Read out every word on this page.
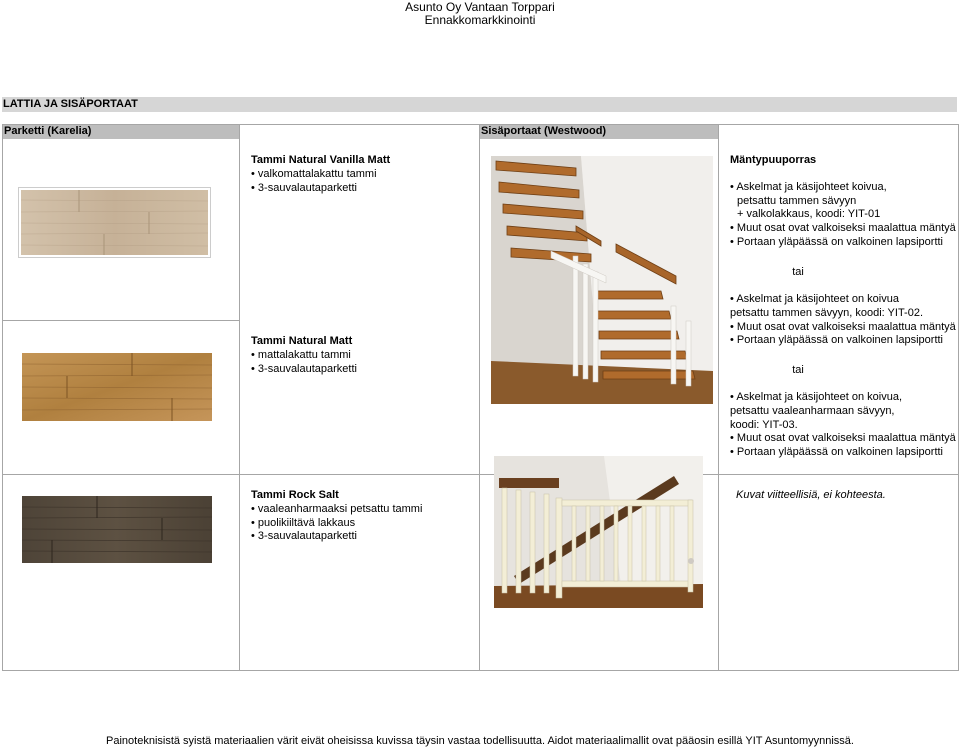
Asunto Oy Vantaan Torppari
Ennakkomarkkinointi
LATTIA JA SISÄPORTAAT
Parketti (Karelia)	Sisäportaat (Westwood)
Tammi Natural Vanilla Matt
• valkomattalakattu tammi
• 3-sauvalautaparketti
Tammi Natural Matt
• mattalakattu tammi
• 3-sauvalautaparketti
Tammi Rock Salt
• vaaleanharmaaksi petsattu tammi
• puolikiiltävä lakkaus
• 3-sauvalautaparketti
Mäntypuuporras
• Askelmat ja käsijohteet koivua,
petsattu tammen sävyyn
+ valkolakkaus, koodi: YIT-01
• Muut osat ovat valkoiseksi maalattua mäntyä
• Portaan yläpäässä on valkoinen lapsiportti
tai
• Askelmat ja käsijohteet on koivua
petsattu tammen sävyyn, koodi: YIT-02.
• Muut osat ovat valkoiseksi maalattua mäntyä
• Portaan yläpäässä on valkoinen lapsiportti
tai
• Askelmat ja käsijohteet on koivua,
petsattu vaaleanharmaan sävyyn,
koodi: YIT-03.
• Muut osat ovat valkoiseksi maalattua mäntyä
• Portaan yläpäässä on valkoinen lapsiportti
Kuvat viitteellisiä, ei kohteesta.
Painoteknisistä syistä materiaalien värit eivät oheisissa kuvissa täysin vastaa todellisuutta. Aidot materiaalimallit ovat pääosin esillä YIT Asuntomyynnissä.
